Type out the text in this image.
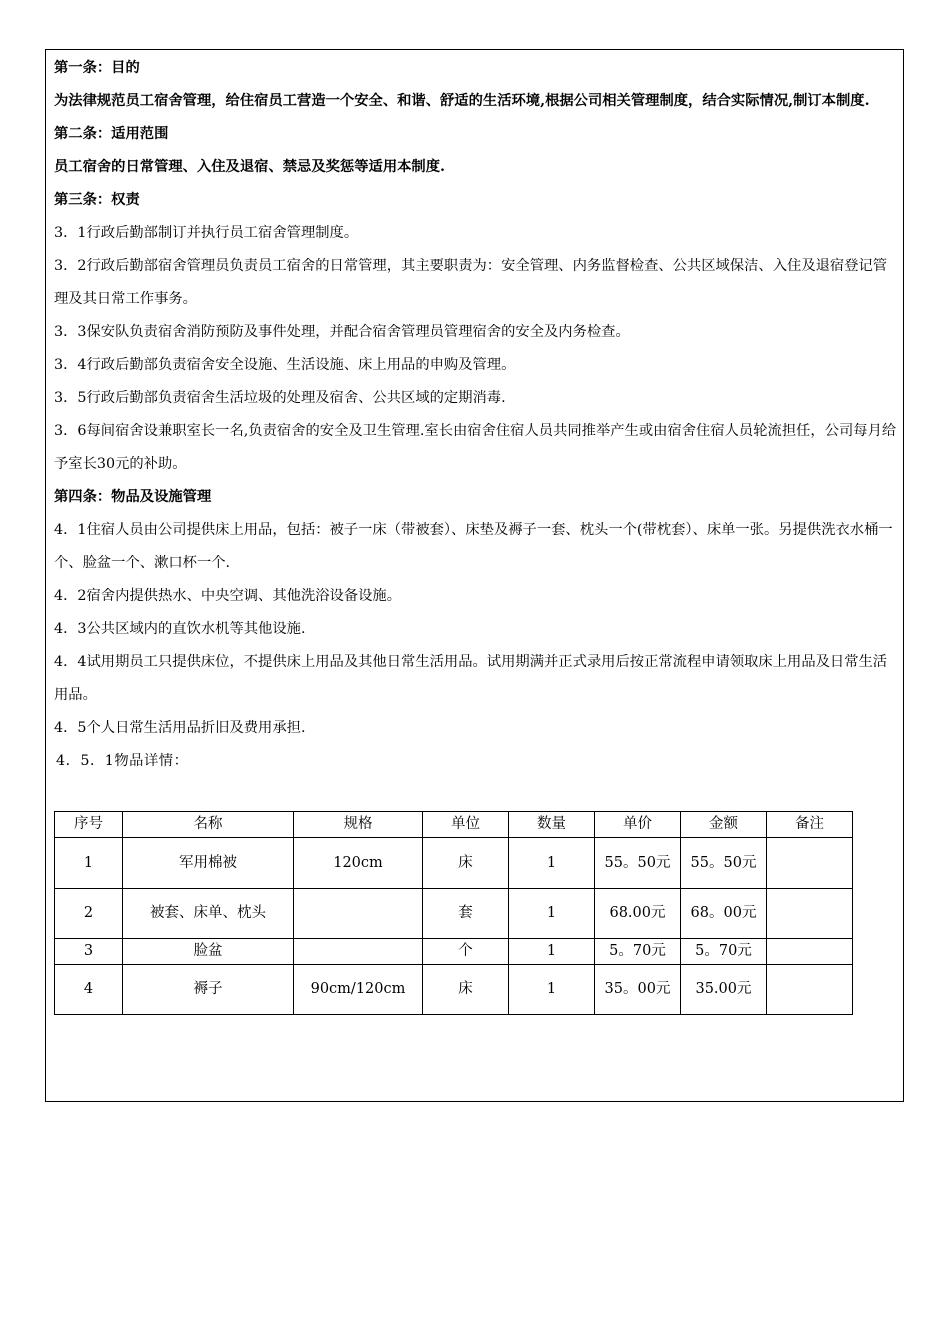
第一条：目的

为法律规范员工宿舍管理，给住宿员工营造一个安全、和谐、舒适的生活环境,根据公司相关管理制度，结合实际情况,制订本制度.

第二条：适用范围

员工宿舍的日常管理、入住及退宿、禁忌及奖惩等适用本制度.

第三条：权责

3．1行政后勤部制订并执行员工宿舍管理制度。

3．2行政后勤部宿舍管理员负责员工宿舍的日常管理，其主要职责为：安全管理、内务监督检查、公共区域保洁、入住及退宿登记管理及其日常工作事务。

3．3保安队负责宿舍消防预防及事件处理，并配合宿舍管理员管理宿舍的安全及内务检查。

3．4行政后勤部负责宿舍安全设施、生活设施、床上用品的申购及管理。

3．5行政后勤部负责宿舍生活垃圾的处理及宿舍、公共区域的定期消毒.

3．6每间宿舍设兼职室长一名,负责宿舍的安全及卫生管理.室长由宿舍住宿人员共同推举产生或由宿舍住宿人员轮流担任，公司每月给予室长30元的补助。

第四条：物品及设施管理

4．1住宿人员由公司提供床上用品，包括：被子一床（带被套）、床垫及褥子一套、枕头一个(带枕套）、床单一张。另提供洗衣水桶一个、脸盆一个、漱口杯一个.

4．2宿舍内提供热水、中央空调、其他洗浴设备设施。

4．3公共区域内的直饮水机等其他设施.

4．4试用期员工只提供床位，不提供床上用品及其他日常生活用品。试用期满并正式录用后按正常流程申请领取床上用品及日常生活用品。

4．5个人日常生活用品折旧及费用承担.

4．5．1物品详情：

序号	名称	规格	单位	数量	单价	金额	备注
1	军用棉被	120cm	床	1	55。50元	55。50元	
2	被套、床单、枕头		套	1	68.00元	68。00元	
3	脸盆		个	1	5。70元	5。70元	
4	褥子	90cm/120cm	床	1	35。00元	35.00元	
